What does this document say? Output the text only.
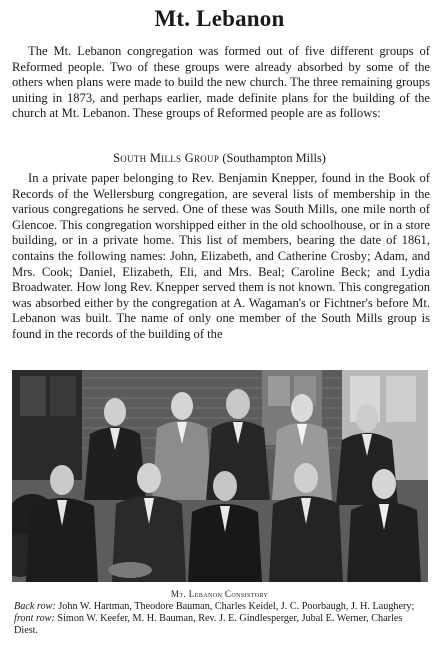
Mt. Lebanon

The Mt. Lebanon congregation was formed out of five different groups of Reformed people. Two of these groups were already absorbed by some of the others when plans were made to build the new church. The three remaining groups uniting in 1873, and perhaps earlier, made definite plans for the building of the church at Mt. Lebanon. These groups of Reformed people are as follows:

South Mills Group (Southampton Mills)

In a private paper belonging to Rev. Benjamin Knepper, found in the Book of Records of the Wellersburg congregation, are several lists of membership in the various congregations he served. One of these was South Mills, one mile north of Glencoe. This congregation worshipped either in the old schoolhouse, or in a store building, or in a private home. This list of members, bearing the date of 1861, contains the following names: John, Elizabeth, and Catherine Crosby; Adam, and Mrs. Cook; Daniel, Elizabeth, Eli, and Mrs. Beal; Caroline Beck; and Lydia Broadwater. How long Rev. Knepper served them is not known. This congregation was absorbed either by the congregation at A. Wagaman's or Fichtner's before Mt. Lebanon was built. The name of only one member of the South Mills group is found in the records of the building of the

Mt. Lebanon Consistory
Back row: John W. Hartman, Theodore Bauman, Charles Keidel, J. C. Poorbaugh, J. H. Laughery; front row: Simon W. Keefer, M. H. Bauman, Rev. J. E. Gindlesperger, Jubal E. Werner, Charles Diest.
